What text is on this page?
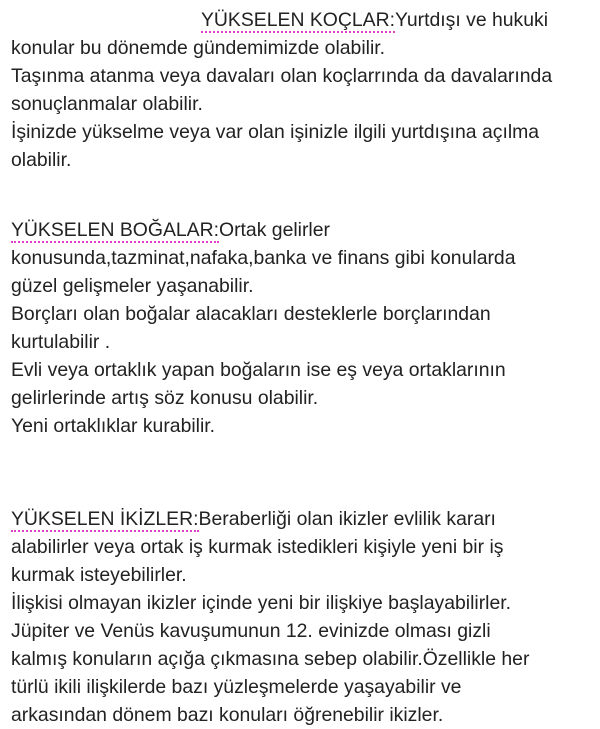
YÜKSELEN KOÇLAR:Yurtdışı ve hukuki
konular bu dönemde gündemimizde olabilir.
Taşınma atanma veya davaları olan koçlarrında da davalarında
sonuçlanmalar olabilir.
İşinizde yükselme veya var olan işinizle ilgili yurtdışına açılma
olabilir.
YÜKSELEN BOĞALAR:Ortak gelirler
konusunda,tazminat,nafaka,banka ve finans gibi konularda
güzel gelişmeler yaşanabilir.
Borçları olan boğalar alacakları desteklerle borçlarından
kurtulabilir .
Evli veya ortaklık yapan boğaların ise eş veya ortaklarının
gelirlerinde artış söz konusu olabilir.
Yeni ortaklıklar kurabilir.
YÜKSELEN İKİZLER:Beraberliği olan ikizler evlilik kararı
alabilirler veya ortak iş kurmak istedikleri kişiyle yeni bir iş
kurmak isteyebilirler.
İlişkisi olmayan ikizler içinde yeni bir ilişkiye başlayabilirler.
Jüpiter ve Venüs kavuşumunun 12. evinizde olması gizli
kalmış konuların açığa çıkmasına sebep olabilir.Özellikle her
türlü ikili ilişkilerde bazı yüzleşmelerde yaşayabilir ve
arkasından dönem bazı konuları öğrenebilir ikizler.
